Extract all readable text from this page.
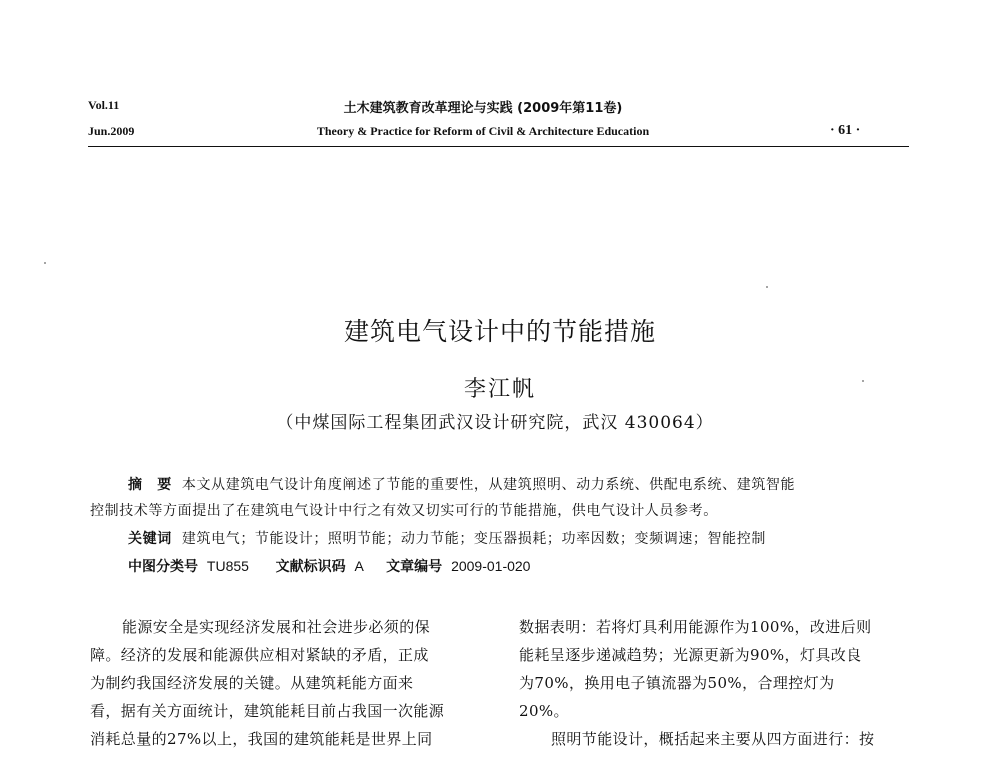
Vol.11	土木建筑教育改革理论与实践 (2009年第11卷)
Jun.2009	Theory & Practice for Reform of Civil & Architecture Education	· 61 ·
建筑电气设计中的节能措施
李江帆
（中煤国际工程集团武汉设计研究院，武汉 430064）
摘　要 本文从建筑电气设计角度阐述了节能的重要性，从建筑照明、动力系统、供配电系统、建筑智能
控制技术等方面提出了在建筑电气设计中行之有效又切实可行的节能措施，供电气设计人员参考。
关键词 建筑电气；节能设计；照明节能；动力节能；变压器损耗；功率因数；变频调速；智能控制
中图分类号 TU855 文献标识码 A 文章编号 2009-01-020
能源安全是实现经济发展和社会进步必须的保
障。经济的发展和能源供应相对紧缺的矛盾，正成
为制约我国经济发展的关键。从建筑耗能方面来
看，据有关方面统计，建筑能耗目前占我国一次能源
消耗总量的27%以上，我国的建筑能耗是世界上同
数据表明：若将灯具利用能源作为100%，改进后则
能耗呈逐步递减趋势；光源更新为90%，灯具改良
为70%，换用电子镇流器为50%，合理控灯为
20%。
照明节能设计，概括起来主要从四方面进行：按
